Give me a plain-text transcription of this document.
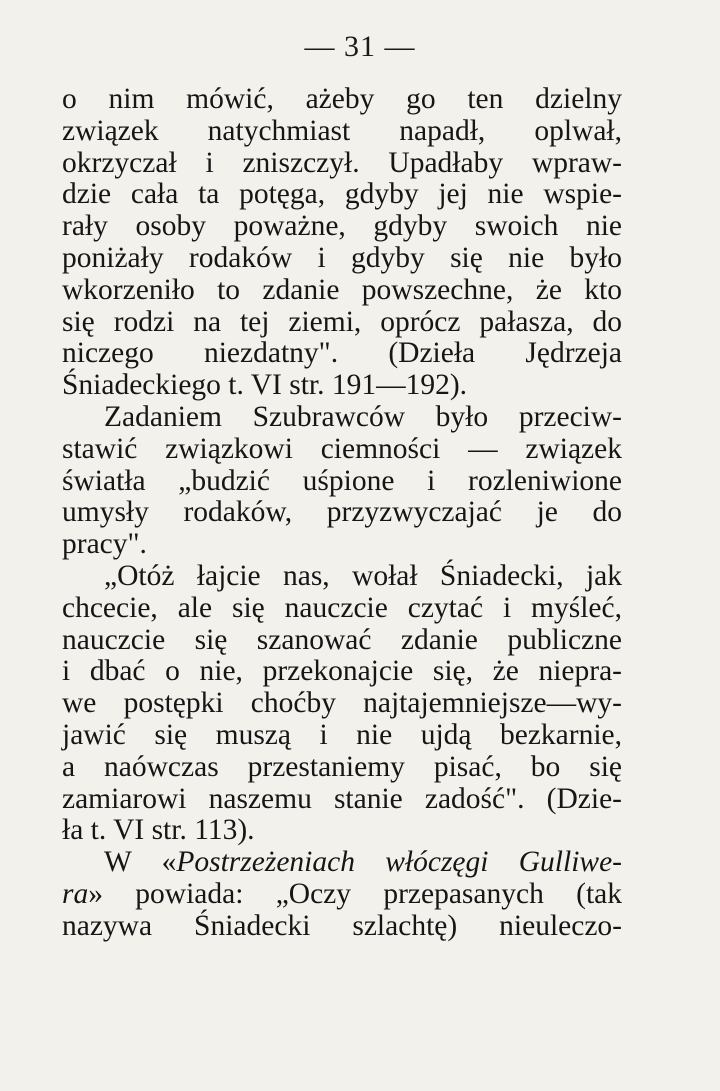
— 31 —
o nim mówić, ażeby go ten dzielny
związek natychmiast napadł, oplwał,
okrzyczał i zniszczył. Upadłaby wpraw-
dzie cała ta potęga, gdyby jej nie wspie-
rały osoby poważne, gdyby swoich nie
poniżały rodaków i gdyby się nie było
wkorzeniło to zdanie powszechne, że kto
się rodzi na tej ziemi, oprócz pałasza, do
niczego niezdatny". (Dzieła Jędrzeja
Śniadeckiego t. VI str. 191—192).
Zadaniem Szubrawców było przeciw-
stawić związkowi ciemności — związek
światła „budzić uśpione i rozleniwione
umysły rodaków, przyzwyczajać je do
pracy".
„Otóż łajcie nas, wołał Śniadecki, jak
chcecie, ale się nauczcie czytać i myśleć,
nauczcie się szanować zdanie publiczne
i dbać o nie, przekonajcie się, że niepra-
we postępki choćby najtajemniejsze—wy-
jawić się muszą i nie ujdą bezkarnie,
a naówczas przestaniemy pisać, bo się
zamiarowi naszemu stanie zadość". (Dzie-
ła t. VI str. 113).
W «Postrzeżeniach włóczęgi Gulliwe-
ra» powiada: „Oczy przepasanych (tak
nazywa Śniadecki szlachtę) nieuleczo-
